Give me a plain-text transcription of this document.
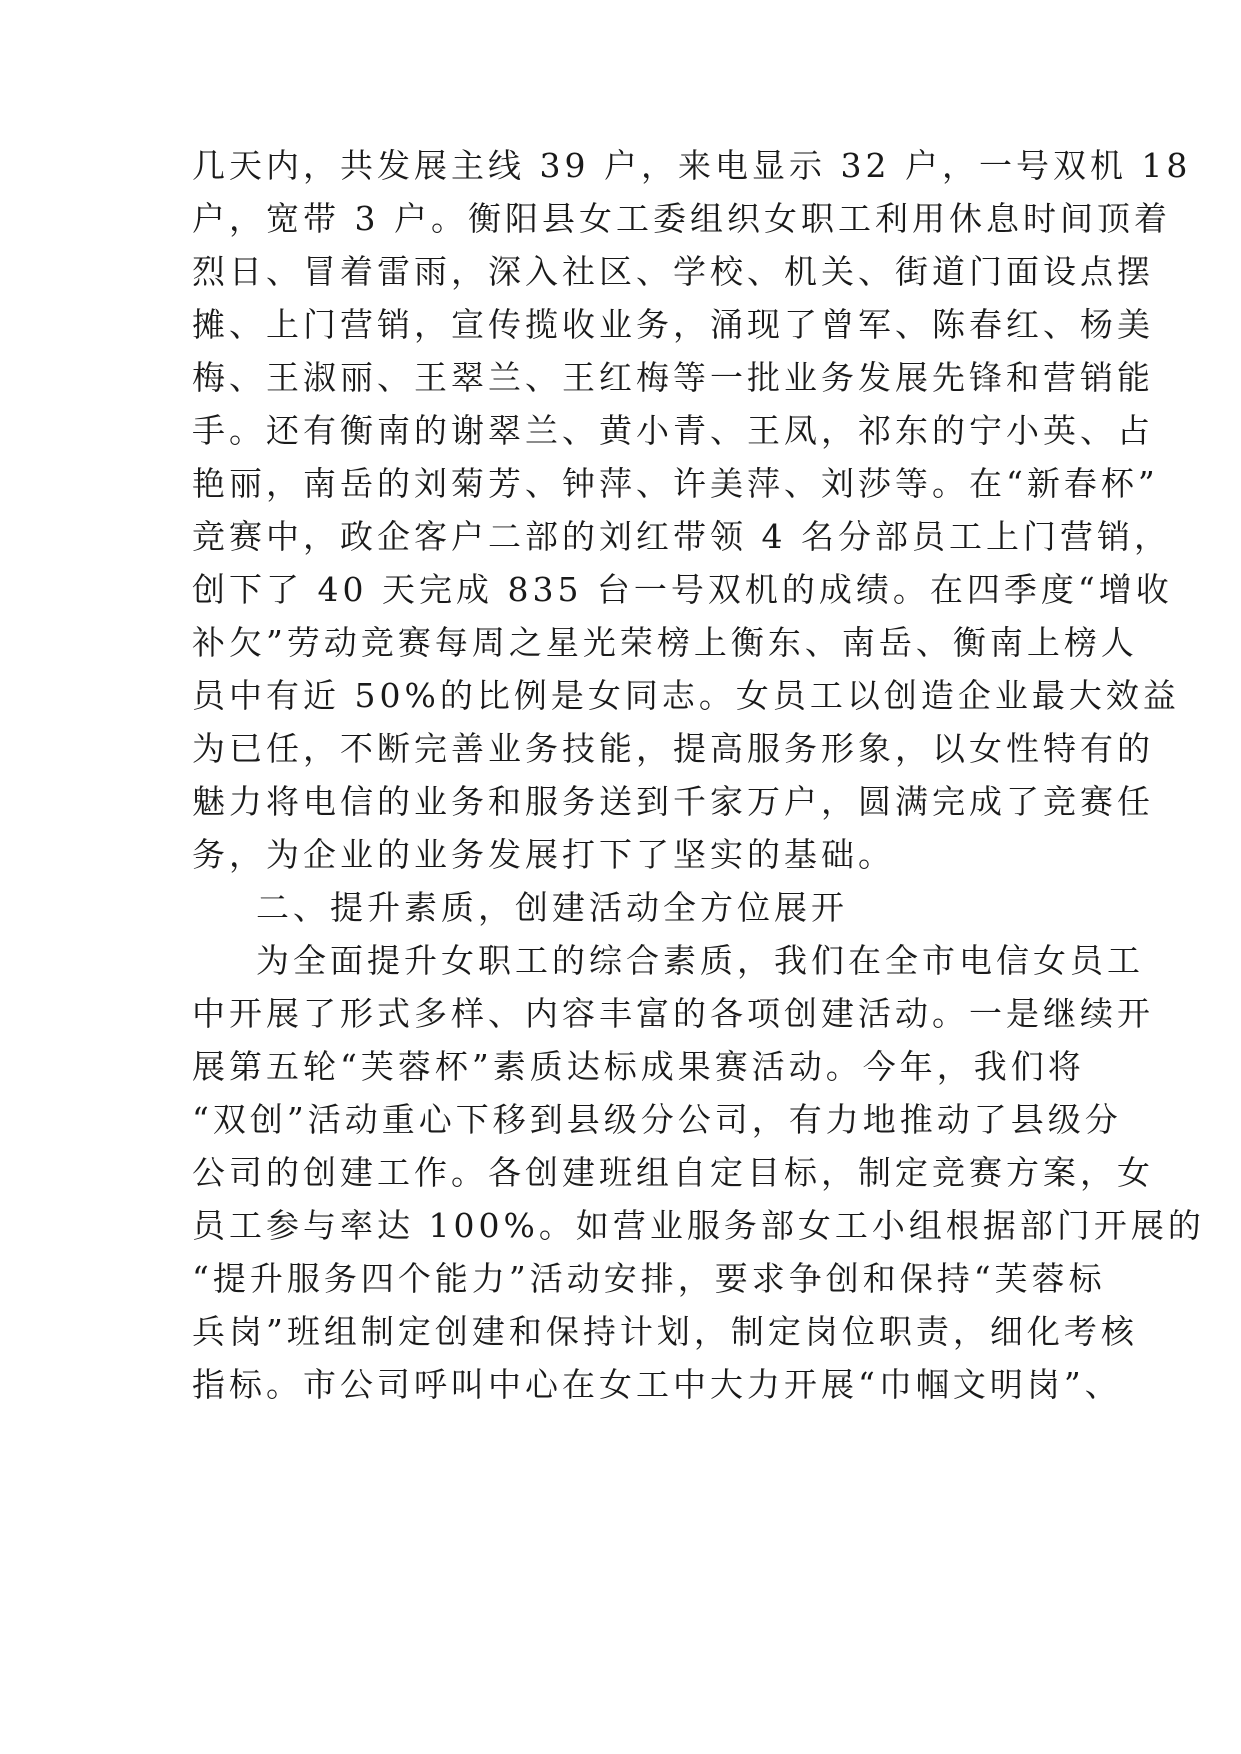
几天内，共发展主线 39 户，来电显示 32 户，一号双机 18
户，宽带 3 户。衡阳县女工委组织女职工利用休息时间顶着
烈日、冒着雷雨，深入社区、学校、机关、街道门面设点摆
摊、上门营销，宣传揽收业务，涌现了曾军、陈春红、杨美
梅、王淑丽、王翠兰、王红梅等一批业务发展先锋和营销能
手。还有衡南的谢翠兰、黄小青、王凤，祁东的宁小英、占
艳丽，南岳的刘菊芳、钟萍、许美萍、刘莎等。在“新春杯”
竞赛中，政企客户二部的刘红带领 4 名分部员工上门营销，
创下了 40 天完成 835 台一号双机的成绩。在四季度“增收
补欠”劳动竞赛每周之星光荣榜上衡东、南岳、衡南上榜人
员中有近 50%的比例是女同志。女员工以创造企业最大效益
为已任，不断完善业务技能，提高服务形象，以女性特有的
魅力将电信的业务和服务送到千家万户，圆满完成了竞赛任
务，为企业的业务发展打下了坚实的基础。
二、提升素质，创建活动全方位展开
为全面提升女职工的综合素质，我们在全市电信女员工
中开展了形式多样、内容丰富的各项创建活动。一是继续开
展第五轮“芙蓉杯”素质达标成果赛活动。今年，我们将
“双创”活动重心下移到县级分公司，有力地推动了县级分
公司的创建工作。各创建班组自定目标，制定竞赛方案，女
员工参与率达 100%。如营业服务部女工小组根据部门开展的
“提升服务四个能力”活动安排，要求争创和保持“芙蓉标
兵岗”班组制定创建和保持计划，制定岗位职责，细化考核
指标。市公司呼叫中心在女工中大力开展“巾帼文明岗”、
